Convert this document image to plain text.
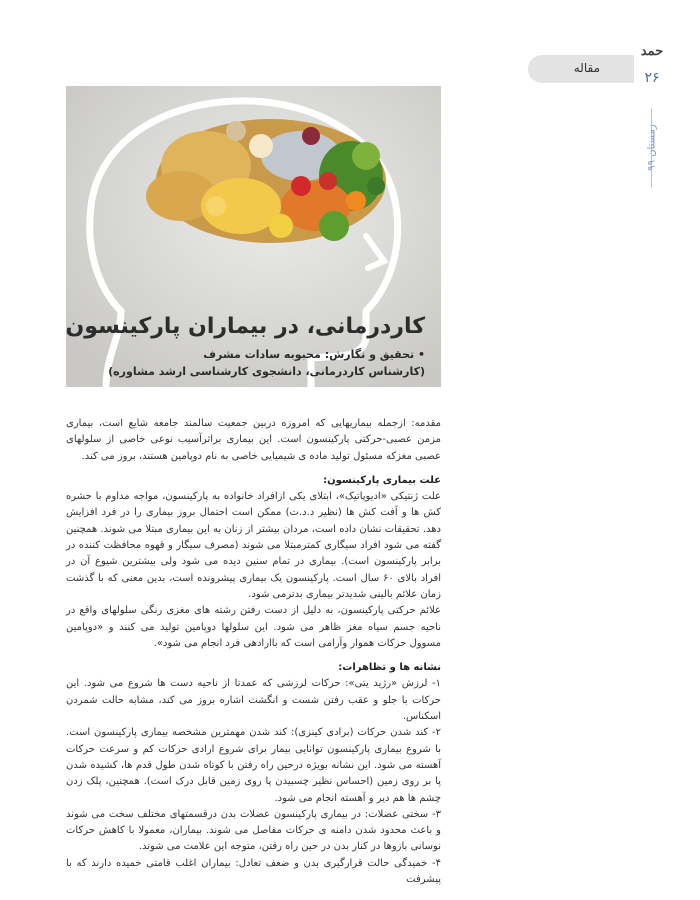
مقاله
حمد
۲۶
زمستان ۹۹
کاردرمانی، در بیماران پارکینسون
• تحقیق و نگارش: محبوبه سادات مشرف
(کارشناس کاردرمانی، دانشجوی کارشناسی ارشد مشاوره)

مقدمه: ازجمله بیماریهایی که امروزه دربین جمعیت سالمند جامعه شایع است، بیماری مزمن عصبی-حرکتی پارکینسون است. این بیماری براثرآسیب نوعی خاصی از سلولهای عصبی مغزکه مسئول تولید ماده ی شیمیایی خاصی به نام دوپامین هستند، بروز می کند.

علت بیماری پارکینسون:

علت ژنتیکی «ادیوپاتیک»، ابتلای یکی ازافراد خانواده به پارکینسون، مواجه مداوم با حشره کش ها و آفت کش ها (نظیر د.د.ت) ممکن است احتمال بروز بیماری را در فرد افزایش دهد. تحقیقات نشان داده است، مردان بیشتر از زنان به این بیماری مبتلا می شوند. همچنین گفته می شود افراد سیگاری کمترمبتلا می شوند (مصرف سیگار و قهوه محافظت کننده در برابر پارکینسون است). بیماری در تمام سنین دیده می شود ولی بیشترین شیوع آن در افراد بالای ۶۰ سال است. پارکینسون یک بیماری پیشرونده است، بدین معنی که با گذشت زمان علائم بالینی شدیدتر بیماری بدترمی شود.

علائم حرکتی پارکینسون، به دلیل از دست رفتن رشته های مغزی رنگی سلولهای واقع در ناحیه جسم سیاه مغز ظاهر می شود. این سلولها دوپامین تولید می کنند و «دوپامین مسوول حرکات هموار وآرامی است که باارادهی فرد انجام می شود».

نشانه ها و تظاهرات:

۱- لرزش «رژید یتی»: حرکات لرزشی که عمدتا از ناحیه دست ها شروع می شود. این حرکات با جلو و عقب رفتن شست و انگشت اشاره بروز می کند، مشابه حالت شمردن اسکناس.

۲- کند شدن حرکات (برادی کینزی): کند شدن مهمترین مشخصه بیماری پارکینسون است. با شروع بیماری پارکینسون توانایی بیمار برای شروع ارادی حرکات کم و سرعت حرکات آهسته می شود. این نشانه بویژه درحین راه رفتن با کوتاه شدن طول قدم ها، کشیده شدن پا بر روی زمین (احساس نظیر چسبیدن پا روی زمین قابل درک است). همچنین، پلک زدن چشم ها هم دیر و آهسته انجام می شود.

۳- سختی عضلات: در بیماری پارکینسون عضلات بدن درقسمتهای مختلف سخت می شوند و باعث محدود شدن دامنه ی حرکات مفاصل می شوند. بیماران، معمولا با کاهش حرکات نوسانی بازوها در کنار بدن در حین راه رفتن، متوجه این علامت می شوند.

۴- خمیدگی حالت قرارگیری بدن و ضعف تعادل: بیماران اغلب قامتی خمیده دارند که با پیشرفت
